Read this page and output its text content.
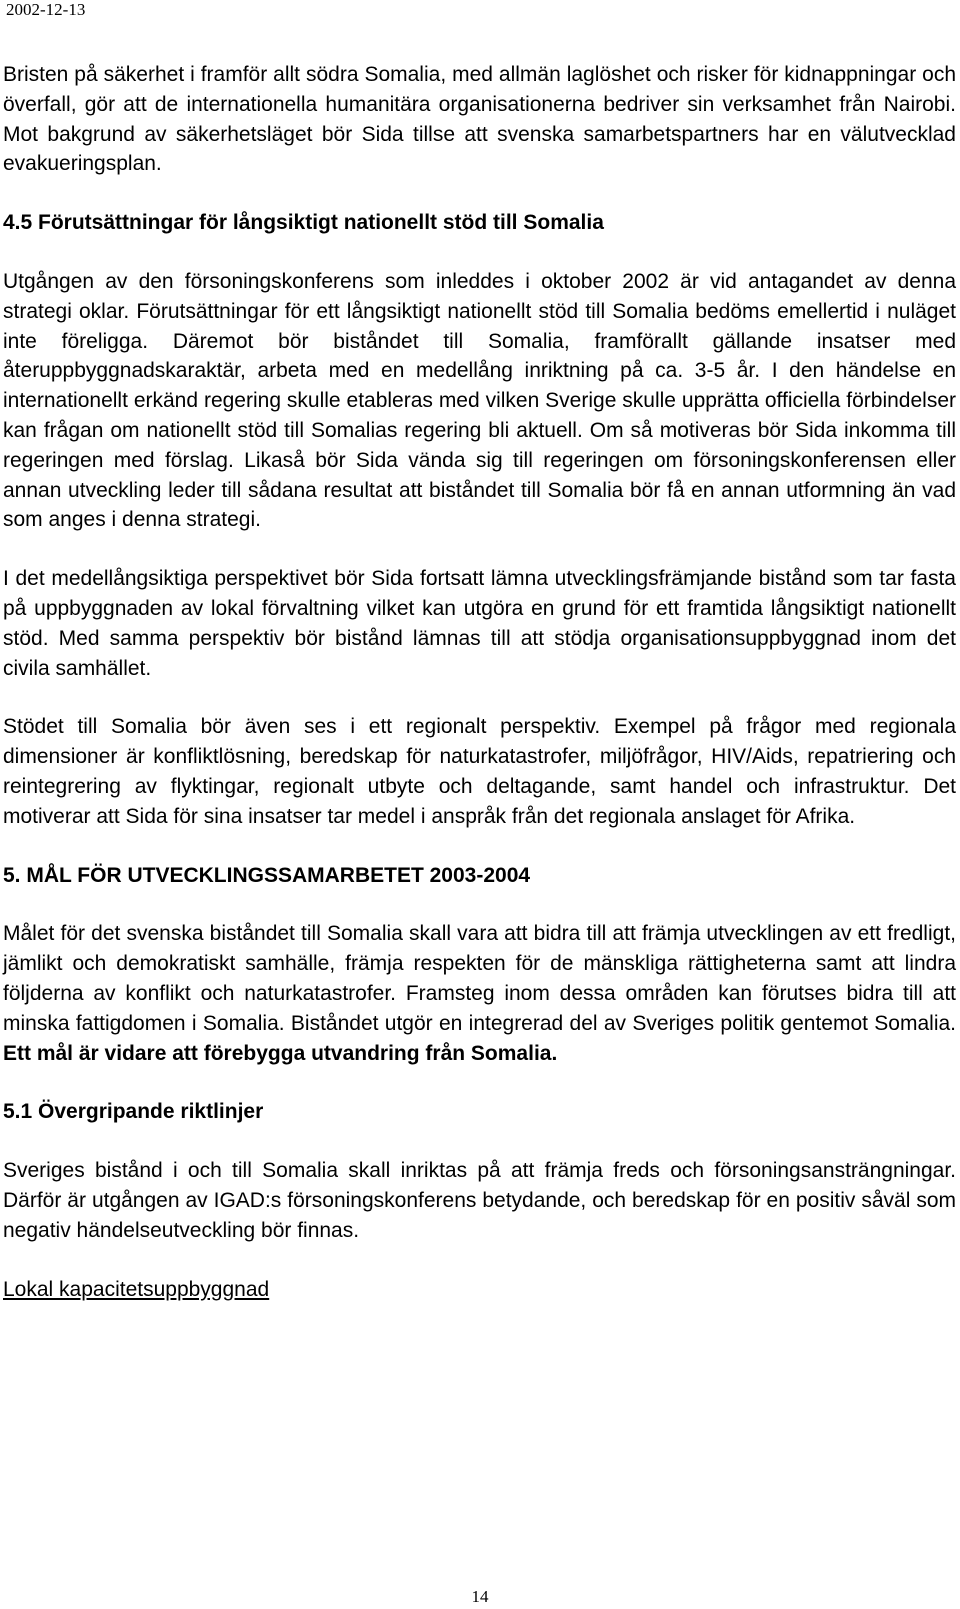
2002-12-13

Bristen på säkerhet i framför allt södra Somalia, med allmän laglöshet och risker för kidnappningar och överfall, gör att de internationella humanitära organisationerna bedriver sin verksamhet från Nairobi. Mot bakgrund av säkerhetsläget bör Sida tillse att svenska samarbetspartners har en välutvecklad evakueringsplan.

4.5 Förutsättningar för långsiktigt nationellt stöd till Somalia

Utgången av den försoningskonferens som inleddes i oktober 2002 är vid antagandet av denna strategi oklar. Förutsättningar för ett långsiktigt nationellt stöd till Somalia bedöms emellertid i nuläget inte föreligga. Däremot bör biståndet till Somalia, framförallt gällande insatser med återuppbyggnadskaraktär, arbeta med en medellång inriktning på ca. 3-5 år. I den händelse en internationellt erkänd regering skulle etableras med vilken Sverige skulle upprätta officiella förbindelser kan frågan om nationellt stöd till Somalias regering bli aktuell. Om så motiveras bör Sida inkomma till regeringen med förslag. Likaså bör Sida vända sig till regeringen om försoningskonferensen eller annan utveckling leder till sådana resultat att biståndet till Somalia bör få en annan utformning än vad som anges i denna strategi.

I det medellångsiktiga perspektivet bör Sida fortsatt lämna utvecklingsfrämjande bistånd som tar fasta på uppbyggnaden av lokal förvaltning vilket kan utgöra en grund för ett framtida långsiktigt nationellt stöd. Med samma perspektiv bör bistånd lämnas till att stödja organisationsuppbyggnad inom det civila samhället.

Stödet till Somalia bör även ses i ett regionalt perspektiv. Exempel på frågor med regionala dimensioner är konfliktlösning, beredskap för naturkatastrofer, miljöfrågor, HIV/Aids, repatriering och reintegrering av flyktingar, regionalt utbyte och deltagande, samt handel och infrastruktur. Det motiverar att Sida för sina insatser tar medel i anspråk från det regionala anslaget för Afrika.

5. MÅL FÖR UTVECKLINGSSAMARBETET 2003-2004

Målet för det svenska biståndet till Somalia skall vara att bidra till att främja utvecklingen av ett fredligt, jämlikt och demokratiskt samhälle, främja respekten för de mänskliga rättigheterna samt att lindra följderna av konflikt och naturkatastrofer. Framsteg inom dessa områden kan förutses bidra till att minska fattigdomen i Somalia. Biståndet utgör en integrerad del av Sveriges politik gentemot Somalia. Ett mål är vidare att förebygga utvandring från Somalia.

5.1 Övergripande riktlinjer

Sveriges bistånd i och till Somalia skall inriktas på att främja freds och försoningsansträngningar. Därför är utgången av IGAD:s försoningskonferens betydande, och beredskap för en positiv såväl som negativ händelseutveckling bör finnas.

Lokal kapacitetsuppbyggnad

14
